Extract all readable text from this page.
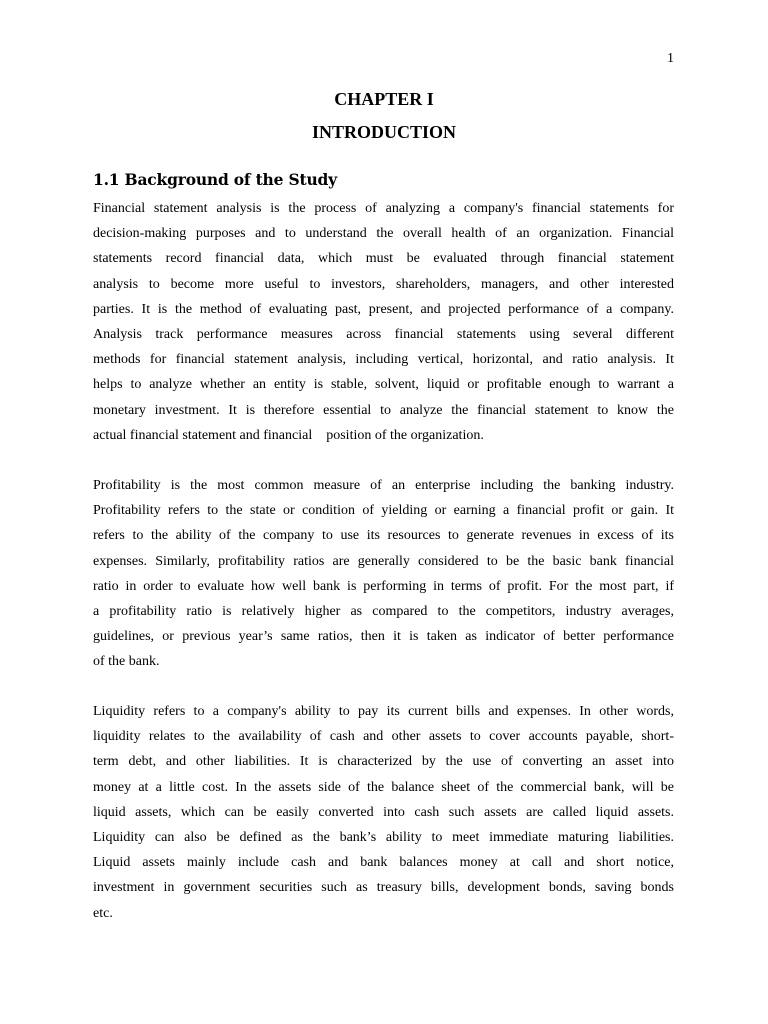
1
CHAPTER I
INTRODUCTION
1.1 Background of the Study
Financial statement analysis is the process of analyzing a company's financial statements for
decision-making purposes and to understand the overall health of an organization. Financial
statements record financial data, which must be evaluated through financial statement
analysis to become more useful to investors, shareholders, managers, and other interested
parties. It is the method of evaluating past, present, and projected performance of a company.
Analysis track performance measures across financial statements using several different
methods for financial statement analysis, including vertical, horizontal, and ratio analysis. It
helps to analyze whether an entity is stable, solvent, liquid or profitable enough to warrant a
monetary investment. It is therefore essential to analyze the financial statement to know the
actual financial statement and financial    position of the organization.
Profitability is the most common measure of an enterprise including the banking industry.
Profitability refers to the state or condition of yielding or earning a financial profit or gain. It
refers to the ability of the company to use its resources to generate revenues in excess of its
expenses. Similarly, profitability ratios are generally considered to be the basic bank financial
ratio in order to evaluate how well bank is performing in terms of profit. For the most part, if
a profitability ratio is relatively higher as compared to the competitors, industry averages,
guidelines, or previous year’s same ratios, then it is taken as indicator of better performance
of the bank.
Liquidity refers to a company's ability to pay its current bills and expenses. In other words,
liquidity relates to the availability of cash and other assets to cover accounts payable, short-
term debt, and other liabilities. It is characterized by the use of converting an asset into
money at a little cost. In the assets side of the balance sheet of the commercial bank, will be
liquid assets, which can be easily converted into cash such assets are called liquid assets.
Liquidity can also be defined as the bank’s ability to meet immediate maturing liabilities.
Liquid assets mainly include cash and bank balances money at call and short notice,
investment in government securities such as treasury bills, development bonds, saving bonds
etc.
